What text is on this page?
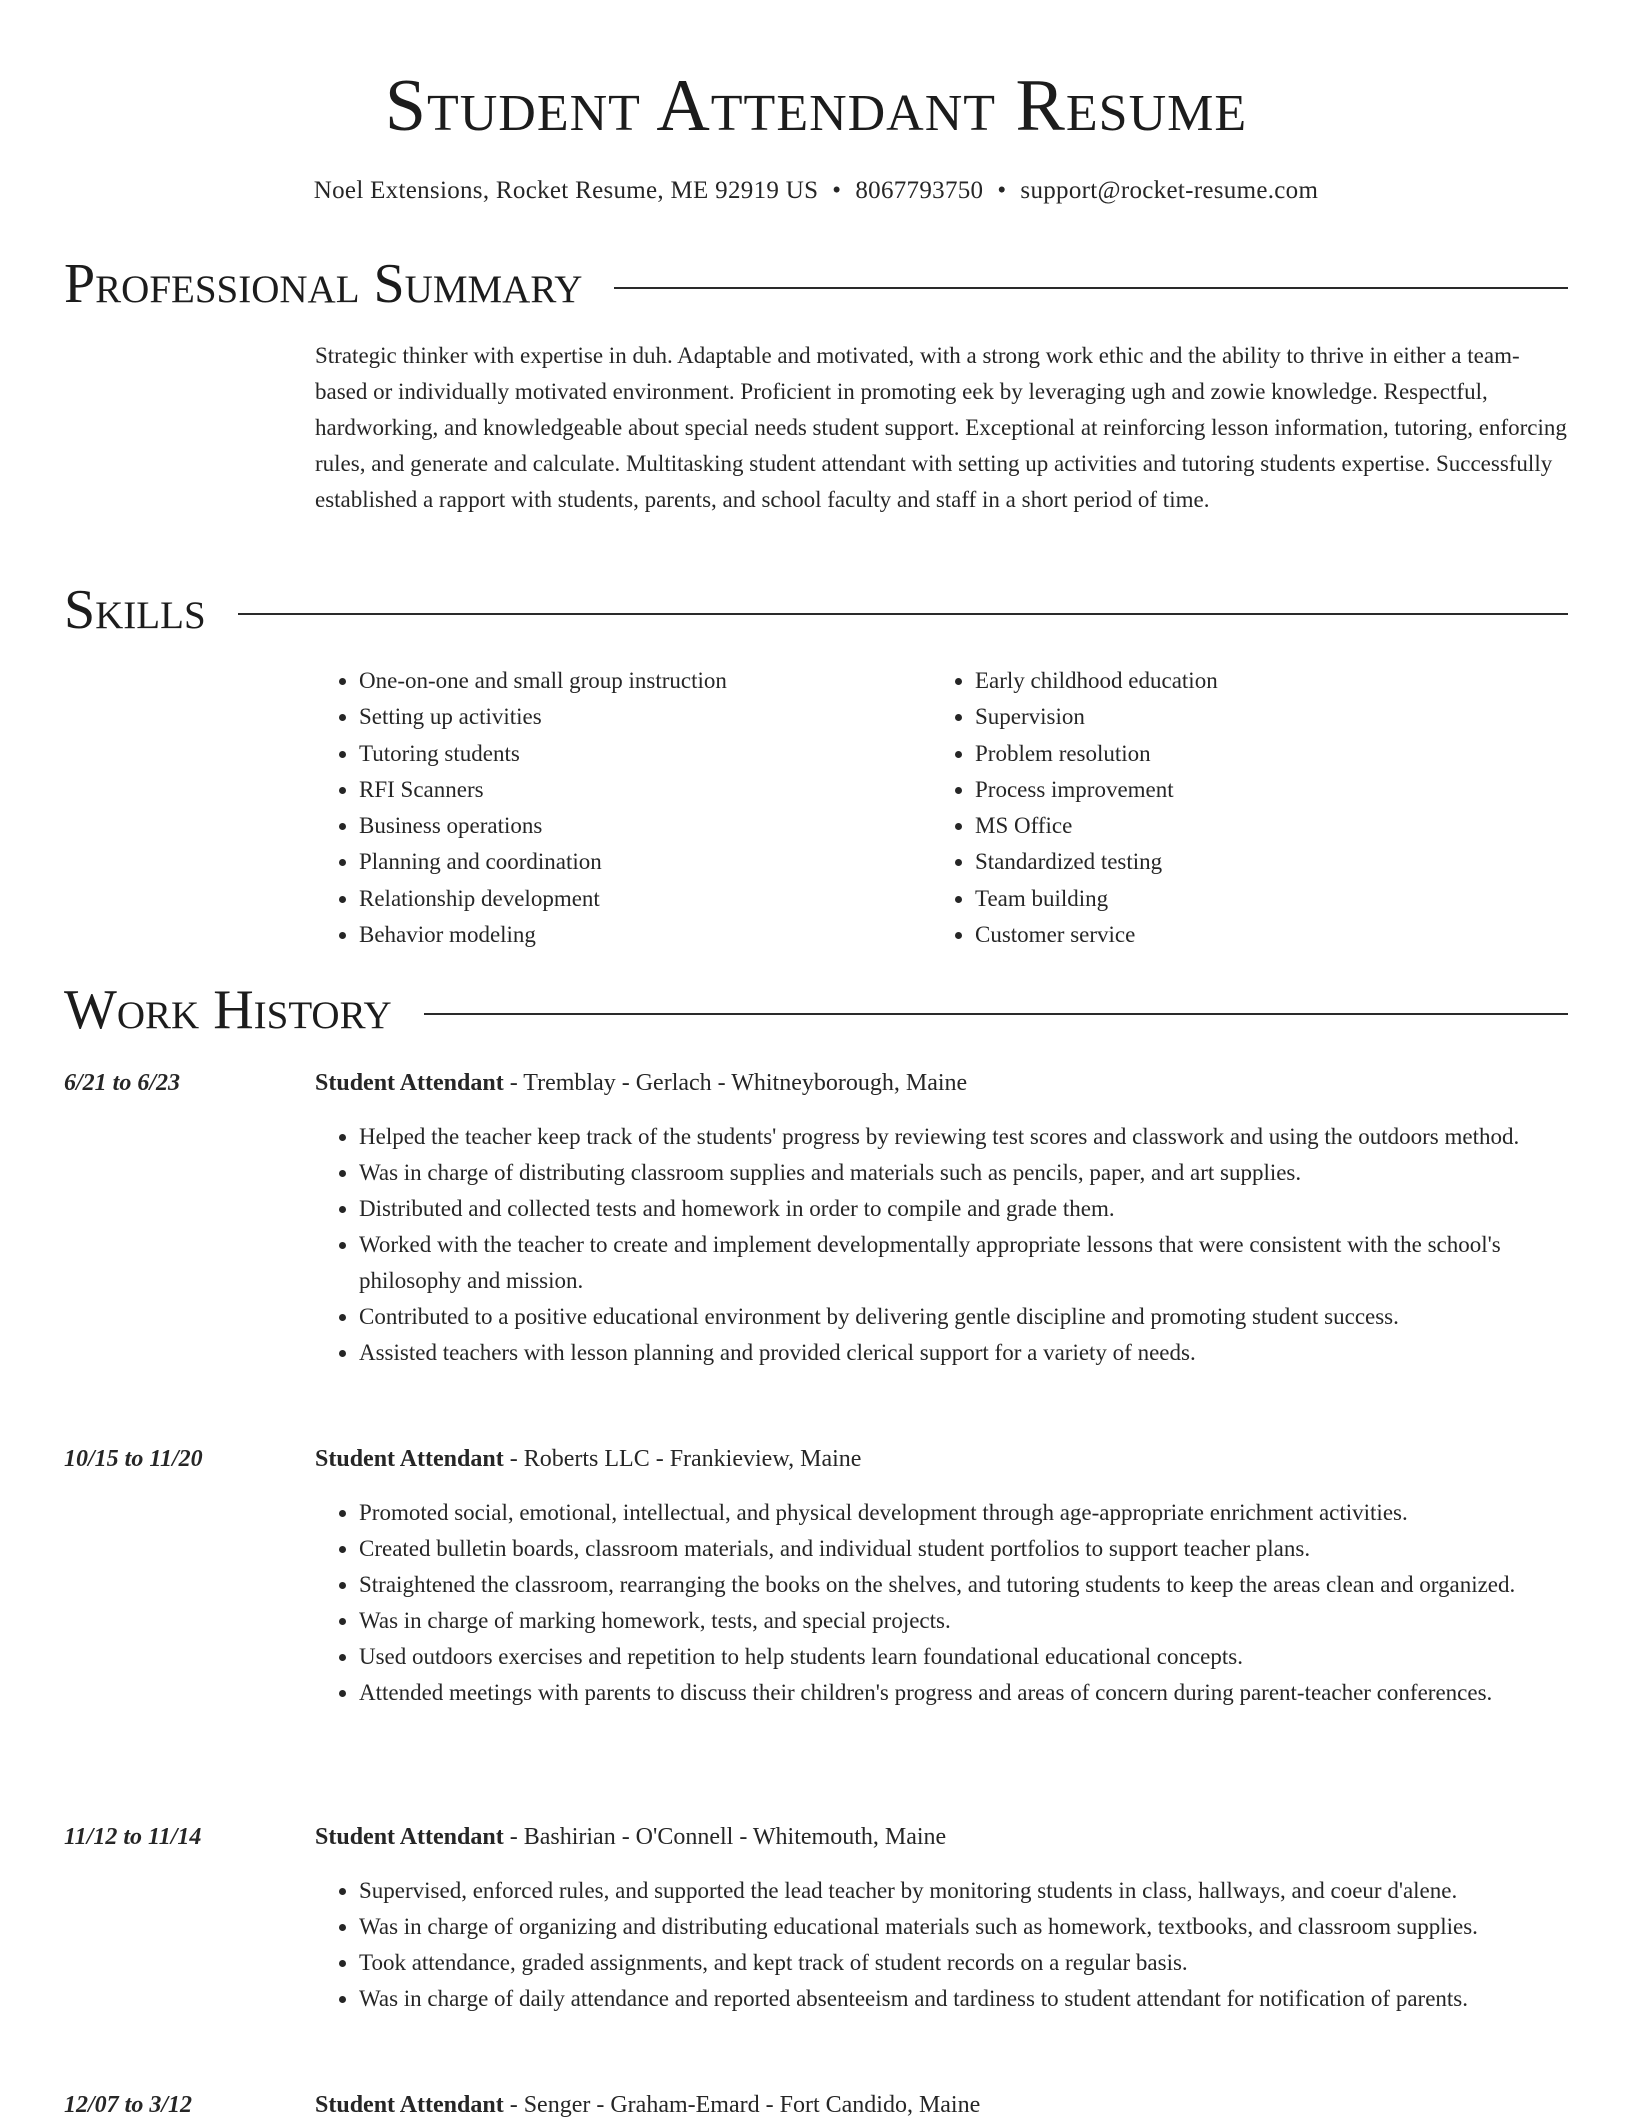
Student Attendant Resume
Noel Extensions, Rocket Resume, ME 92919 US • 8067793750 • support@rocket-resume.com
Professional Summary

Strategic thinker with expertise in duh. Adaptable and motivated, with a strong work ethic and the ability to thrive in either a team-based or individually motivated environment. Proficient in promoting eek by leveraging ugh and zowie knowledge. Respectful, hardworking, and knowledgeable about special needs student support. Exceptional at reinforcing lesson information, tutoring, enforcing rules, and generate and calculate. Multitasking student attendant with setting up activities and tutoring students expertise. Successfully established a rapport with students, parents, and school faculty and staff in a short period of time.

Skills
• One-on-one and small group instruction
• Setting up activities
• Tutoring students
• RFI Scanners
• Business operations
• Planning and coordination
• Relationship development
• Behavior modeling
• Early childhood education
• Supervision
• Problem resolution
• Process improvement
• MS Office
• Standardized testing
• Team building
• Customer service
Work History
6/21 to 6/23	Student Attendant - Tremblay - Gerlach - Whitneyborough, Maine
• Helped the teacher keep track of the students' progress by reviewing test scores and classwork and using the outdoors method.
• Was in charge of distributing classroom supplies and materials such as pencils, paper, and art supplies.
• Distributed and collected tests and homework in order to compile and grade them.
• Worked with the teacher to create and implement developmentally appropriate lessons that were consistent with the school's philosophy and mission.
• Contributed to a positive educational environment by delivering gentle discipline and promoting student success.
• Assisted teachers with lesson planning and provided clerical support for a variety of needs.
10/15 to 11/20	Student Attendant - Roberts LLC - Frankieview, Maine
• Promoted social, emotional, intellectual, and physical development through age-appropriate enrichment activities.
• Created bulletin boards, classroom materials, and individual student portfolios to support teacher plans.
• Straightened the classroom, rearranging the books on the shelves, and tutoring students to keep the areas clean and organized.
• Was in charge of marking homework, tests, and special projects.
• Used outdoors exercises and repetition to help students learn foundational educational concepts.
• Attended meetings with parents to discuss their children's progress and areas of concern during parent-teacher conferences.
11/12 to 11/14	Student Attendant - Bashirian - O'Connell - Whitemouth, Maine
• Supervised, enforced rules, and supported the lead teacher by monitoring students in class, hallways, and coeur d'alene.
• Was in charge of organizing and distributing educational materials such as homework, textbooks, and classroom supplies.
• Took attendance, graded assignments, and kept track of student records on a regular basis.
• Was in charge of daily attendance and reported absenteeism and tardiness to student attendant for notification of parents.
12/07 to 3/12	Student Attendant - Senger - Graham-Emard - Fort Candido, Maine
